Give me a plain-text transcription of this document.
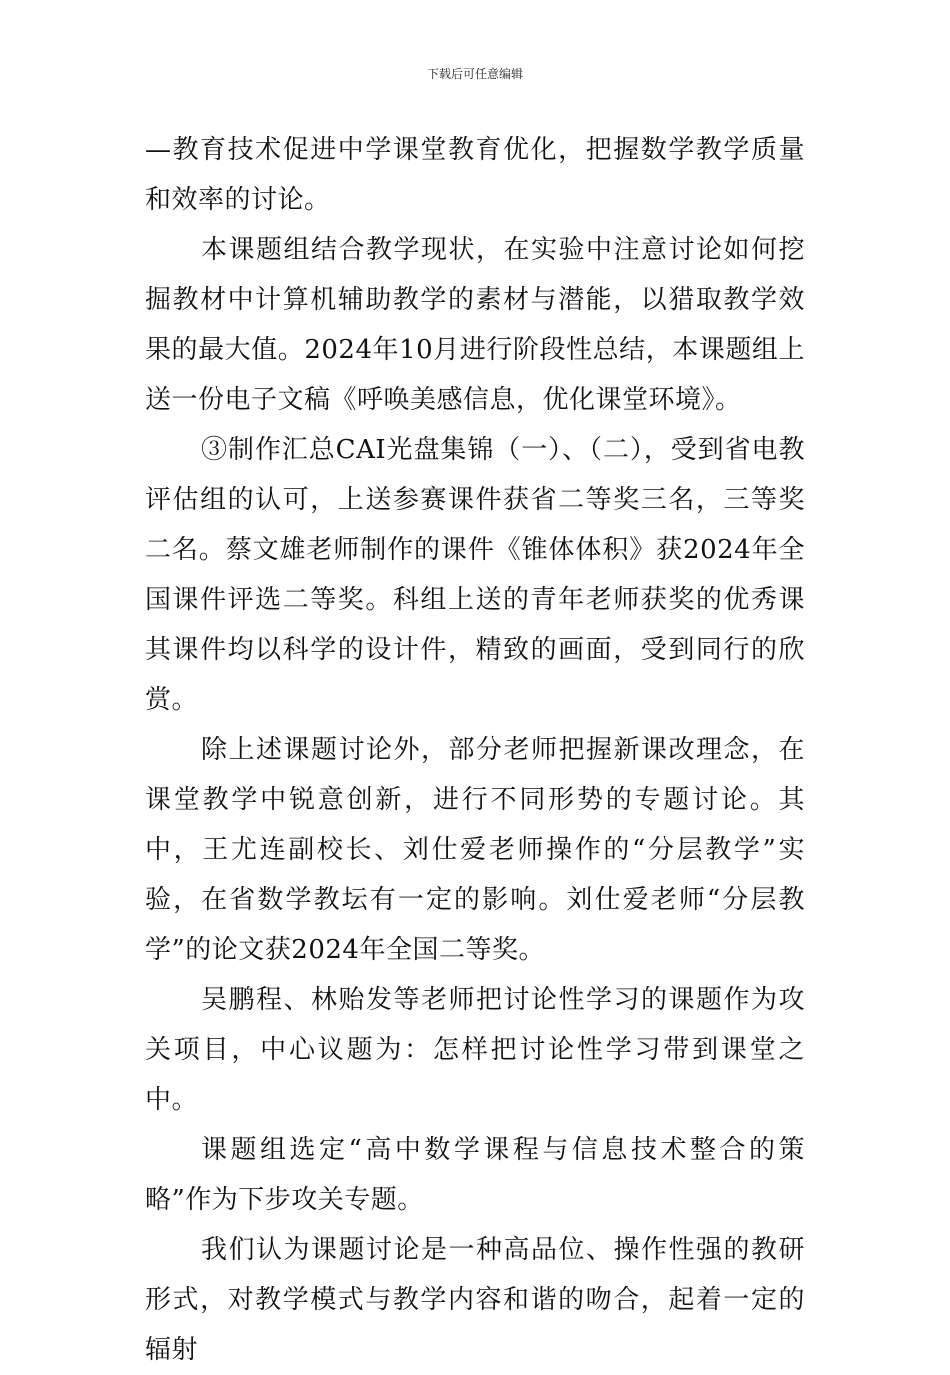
下载后可任意编辑

—教育技术促进中学课堂教育优化，把握数学教学质量和效率的讨论。

本课题组结合教学现状，在实验中注意讨论如何挖掘教材中计算机辅助教学的素材与潜能，以猎取教学效果的最大值。2024年10月进行阶段性总结，本课题组上送一份电子文稿《呼唤美感信息，优化课堂环境》。

③制作汇总CAI光盘集锦（一）、（二），受到省电教评估组的认可，上送参赛课件获省二等奖三名，三等奖二名。蔡文雄老师制作的课件《锥体体积》获2024年全国课件评选二等奖。科组上送的青年老师获奖的优秀课其课件均以科学的设计件，精致的画面，受到同行的欣赏。

除上述课题讨论外，部分老师把握新课改理念，在课堂教学中锐意创新，进行不同形势的专题讨论。其中，王尤连副校长、刘仕爱老师操作的“分层教学”实验，在省数学教坛有一定的影响。刘仕爱老师“分层教学”的论文获2024年全国二等奖。

吴鹏程、林贻发等老师把讨论性学习的课题作为攻关项目，中心议题为：怎样把讨论性学习带到课堂之中。

课题组选定“高中数学课程与信息技术整合的策略”作为下步攻关专题。

我们认为课题讨论是一种高品位、操作性强的教研形式，对教学模式与教学内容和谐的吻合，起着一定的辐射
